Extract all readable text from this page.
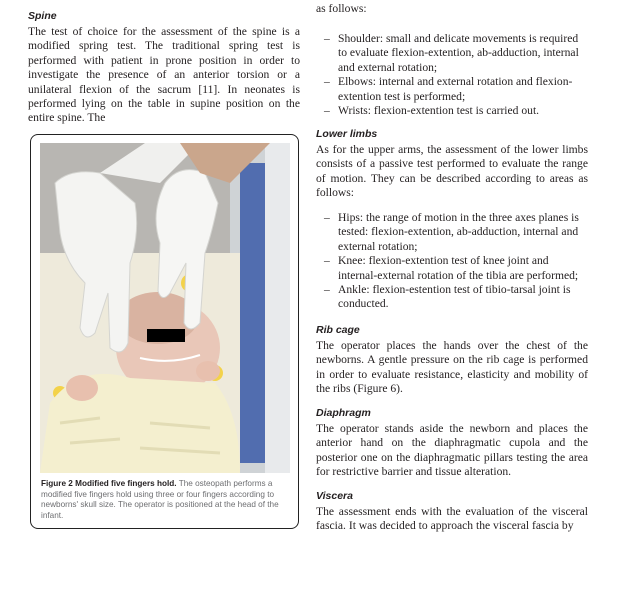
Spine

The test of choice for the assessment of the spine is a modified spring test. The traditional spring test is performed with patient in prone position in order to investigate the presence of an anterior torsion or a unilateral flexion of the sacrum [11]. In neonates is performed lying on the table in supine position on the entire spine. The

Figure 2 Modified five fingers hold. The osteopath performs a modified five fingers hold using three or four fingers according to newborns' skull size. The operator is positioned at the head of the infant.

as follows:

– Shoulder: small and delicate movements is required to evaluate flexion-extention, ab-adduction, internal and external rotation;
– Elbows: internal and external rotation and flexion-extention test is performed;
– Wrists: flexion-extention test is carried out.
Lower limbs

As for the upper arms, the assessment of the lower limbs consists of a passive test performed to evaluate the range of motion. They can be described according to areas as follows:

– Hips: the range of motion in the three axes planes is tested: flexion-extention, ab-adduction, internal and external rotation;
– Knee: flexion-extention test of knee joint and internal-external rotation of the tibia are performed;
– Ankle: flexion-estention test of tibio-tarsal joint is conducted.
Rib cage

The operator places the hands over the chest of the newborns. A gentle pressure on the rib cage is performed in order to evaluate resistance, elasticity and mobility of the ribs (Figure 6).

Diaphragm

The operator stands aside the newborn and places the anterior hand on the diaphragmatic cupola and the posterior one on the diaphragmatic pillars testing the area for restrictive barrier and tissue alteration.

Viscera

The assessment ends with the evaluation of the visceral fascia. It was decided to approach the visceral fascia by
